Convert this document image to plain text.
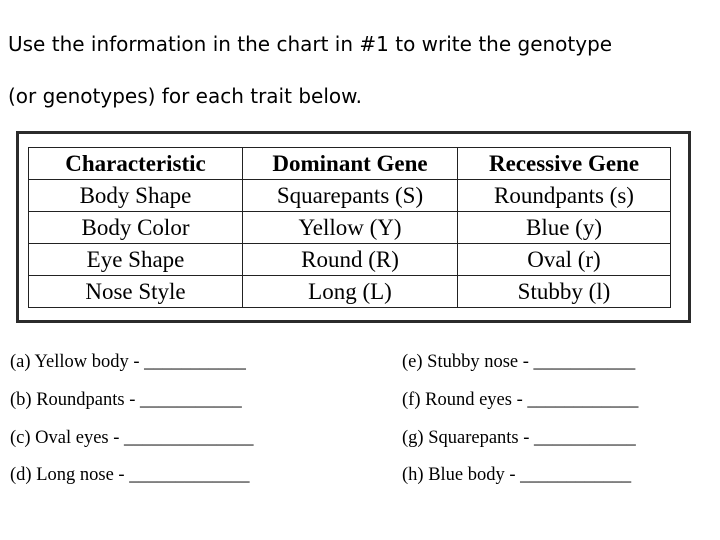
Use the information in the chart in #1 to write the genotype
(or genotypes) for each trait below.
Characteristic	Dominant Gene	Recessive Gene
Body Shape	Squarepants (S)	Roundpants (s)
Body Color	Yellow (Y)	Blue (y)
Eye Shape	Round (R)	Oval (r)
Nose Style	Long (L)	Stubby (l)
(a) Yellow body - ___________
(b) Roundpants - ___________
(c) Oval eyes - ______________
(d) Long nose - _____________
(e) Stubby nose - ___________
(f) Round eyes - ____________
(g) Squarepants - ___________
(h) Blue body - ____________
